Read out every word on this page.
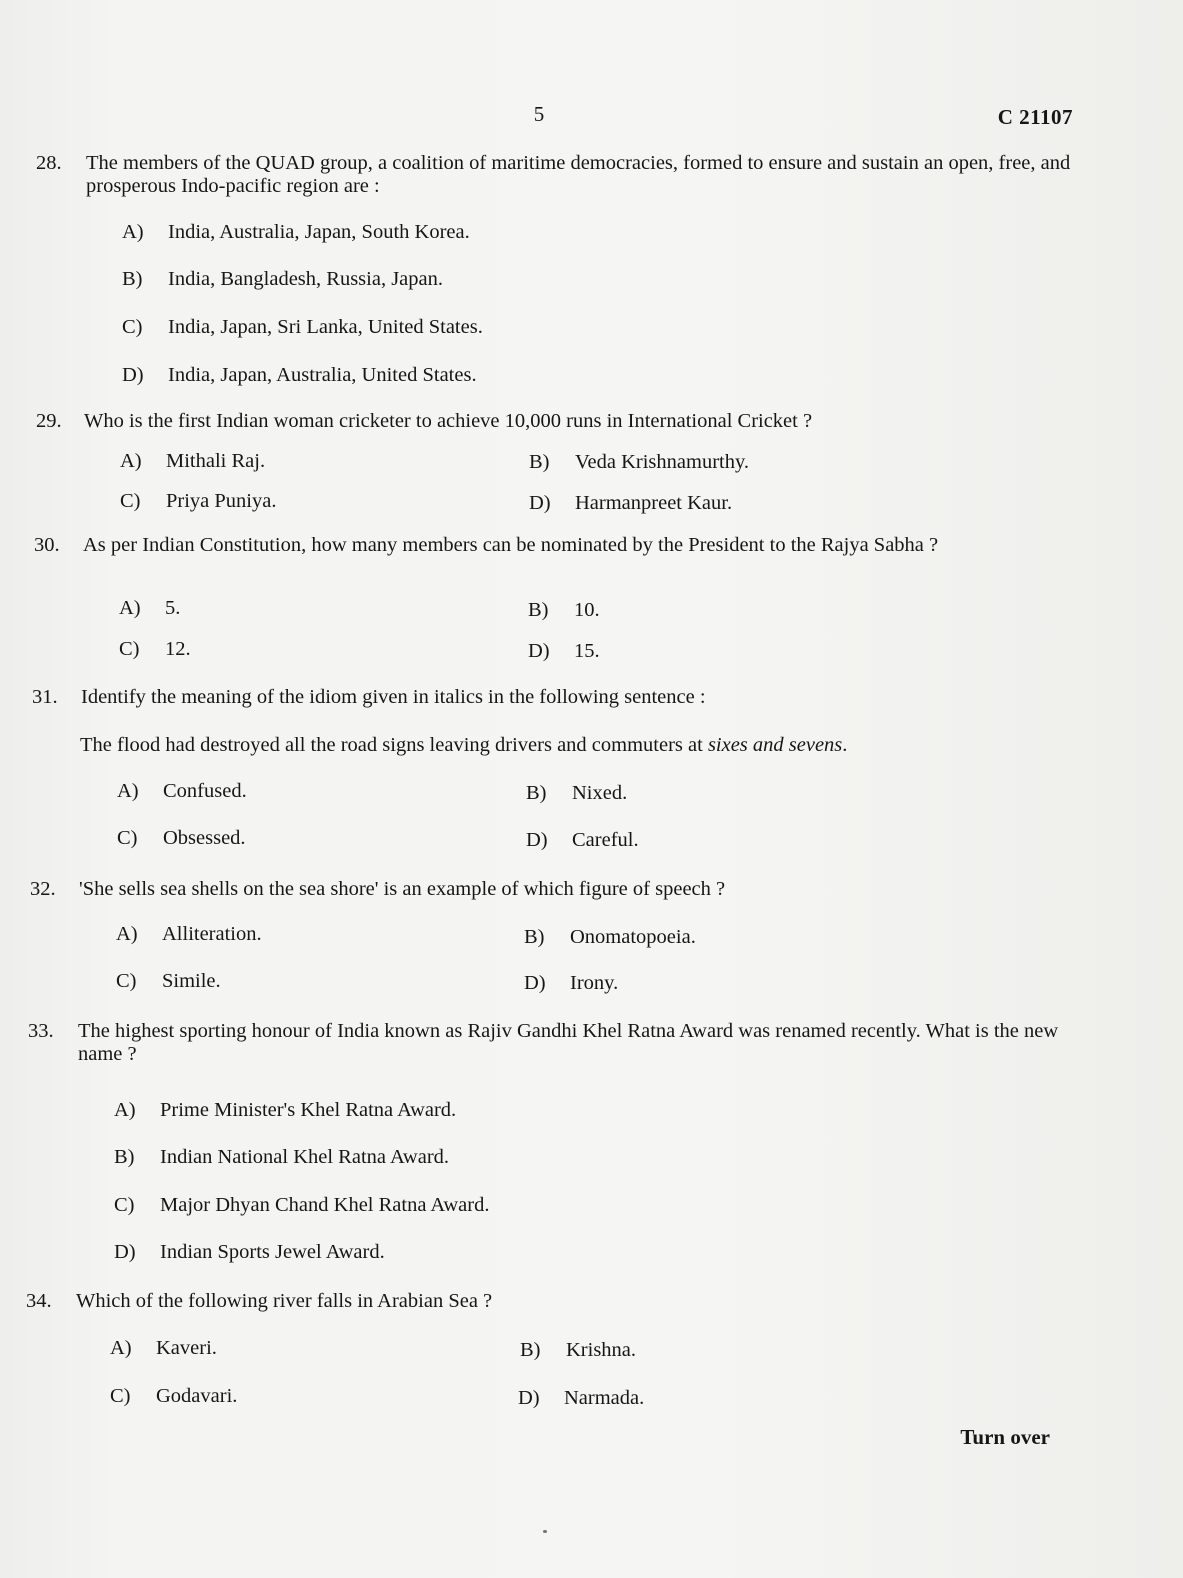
5	C 21107
28. The members of the QUAD group, a coalition of maritime democracies, formed to ensure and sustain an open, free, and prosperous Indo-pacific region are :
A) India, Australia, Japan, South Korea.
B) India, Bangladesh, Russia, Japan.
C) India, Japan, Sri Lanka, United States.
D) India, Japan, Australia, United States.
29. Who is the first Indian woman cricketer to achieve 10,000 runs in International Cricket ?
A) Mithali Raj.	B) Veda Krishnamurthy.
C) Priya Puniya.	D) Harmanpreet Kaur.
30. As per Indian Constitution, how many members can be nominated by the President to the Rajya Sabha ?
A) 5.	B) 10.
C) 12.	D) 15.
31. Identify the meaning of the idiom given in italics in the following sentence :
The flood had destroyed all the road signs leaving drivers and commuters at sixes and sevens.
A) Confused.	B) Nixed.
C) Obsessed.	D) Careful.
32. 'She sells sea shells on the sea shore' is an example of which figure of speech ?
A) Alliteration.	B) Onomatopoeia.
C) Simile.	D) Irony.
33. The highest sporting honour of India known as Rajiv Gandhi Khel Ratna Award was renamed recently. What is the new name ?
A) Prime Minister's Khel Ratna Award.
B) Indian National Khel Ratna Award.
C) Major Dhyan Chand Khel Ratna Award.
D) Indian Sports Jewel Award.
34. Which of the following river falls in Arabian Sea ?
A) Kaveri.	B) Krishna.
C) Godavari.	D) Narmada.
Turn over
